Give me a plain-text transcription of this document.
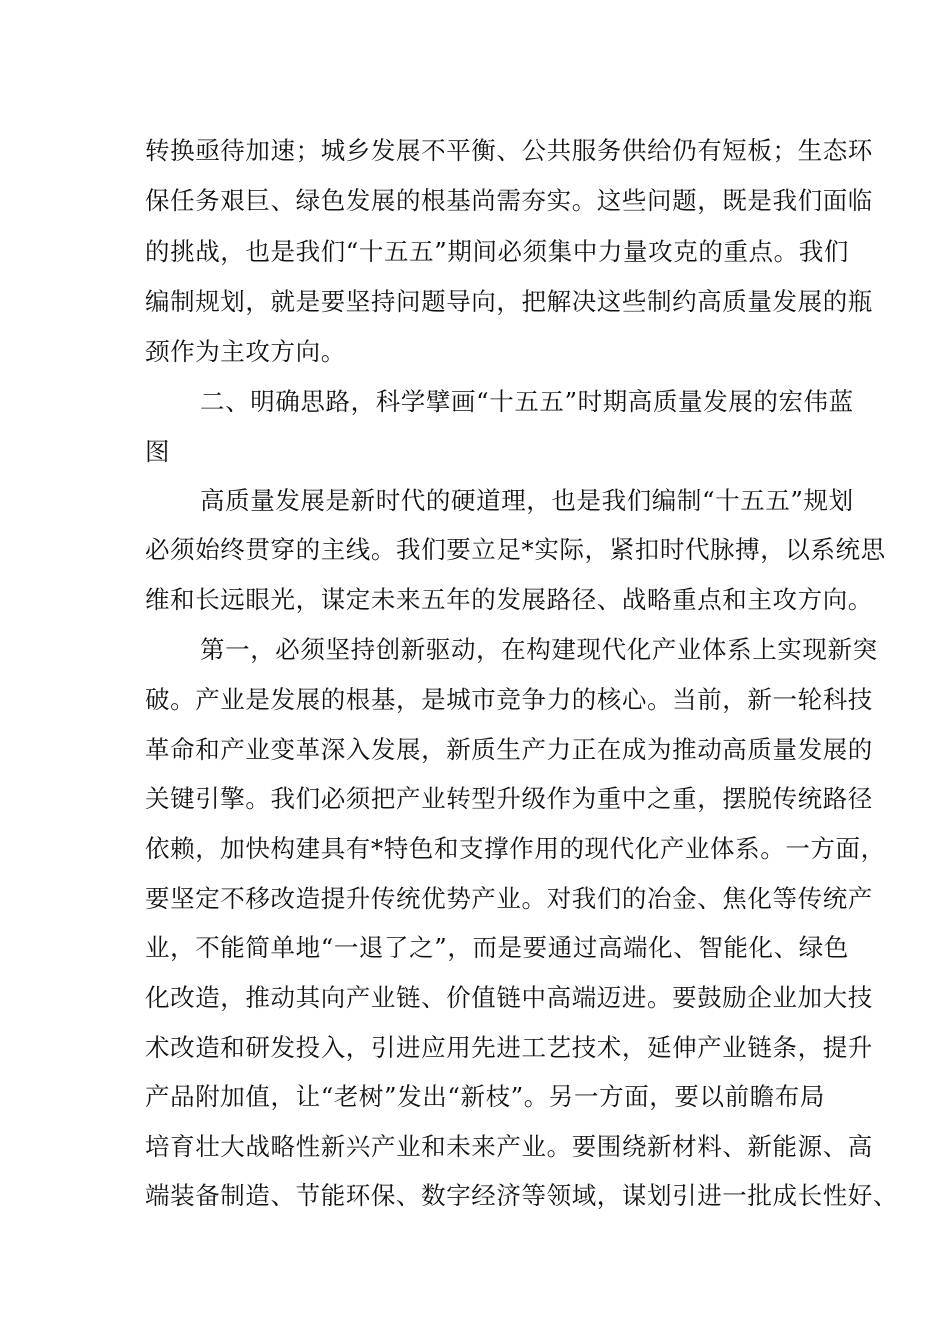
转换亟待加速；城乡发展不平衡、公共服务供给仍有短板；生态环
保任务艰巨、绿色发展的根基尚需夯实。这些问题，既是我们面临
的挑战，也是我们“十五五”期间必须集中力量攻克的重点。我们
编制规划，就是要坚持问题导向，把解决这些制约高质量发展的瓶
颈作为主攻方向。
二、明确思路，科学擘画“十五五”时期高质量发展的宏伟蓝
图
高质量发展是新时代的硬道理，也是我们编制“十五五”规划
必须始终贯穿的主线。我们要立足*实际，紧扣时代脉搏，以系统思
维和长远眼光，谋定未来五年的发展路径、战略重点和主攻方向。
第一，必须坚持创新驱动，在构建现代化产业体系上实现新突
破。产业是发展的根基，是城市竞争力的核心。当前，新一轮科技
革命和产业变革深入发展，新质生产力正在成为推动高质量发展的
关键引擎。我们必须把产业转型升级作为重中之重，摆脱传统路径
依赖，加快构建具有*特色和支撑作用的现代化产业体系。一方面，
要坚定不移改造提升传统优势产业。对我们的冶金、焦化等传统产
业，不能简单地“一退了之”，而是要通过高端化、智能化、绿色
化改造，推动其向产业链、价值链中高端迈进。要鼓励企业加大技
术改造和研发投入，引进应用先进工艺技术，延伸产业链条，提升
产品附加值，让“老树”发出“新枝”。另一方面，要以前瞻布局
培育壮大战略性新兴产业和未来产业。要围绕新材料、新能源、高
端装备制造、节能环保、数字经济等领域，谋划引进一批成长性好、
